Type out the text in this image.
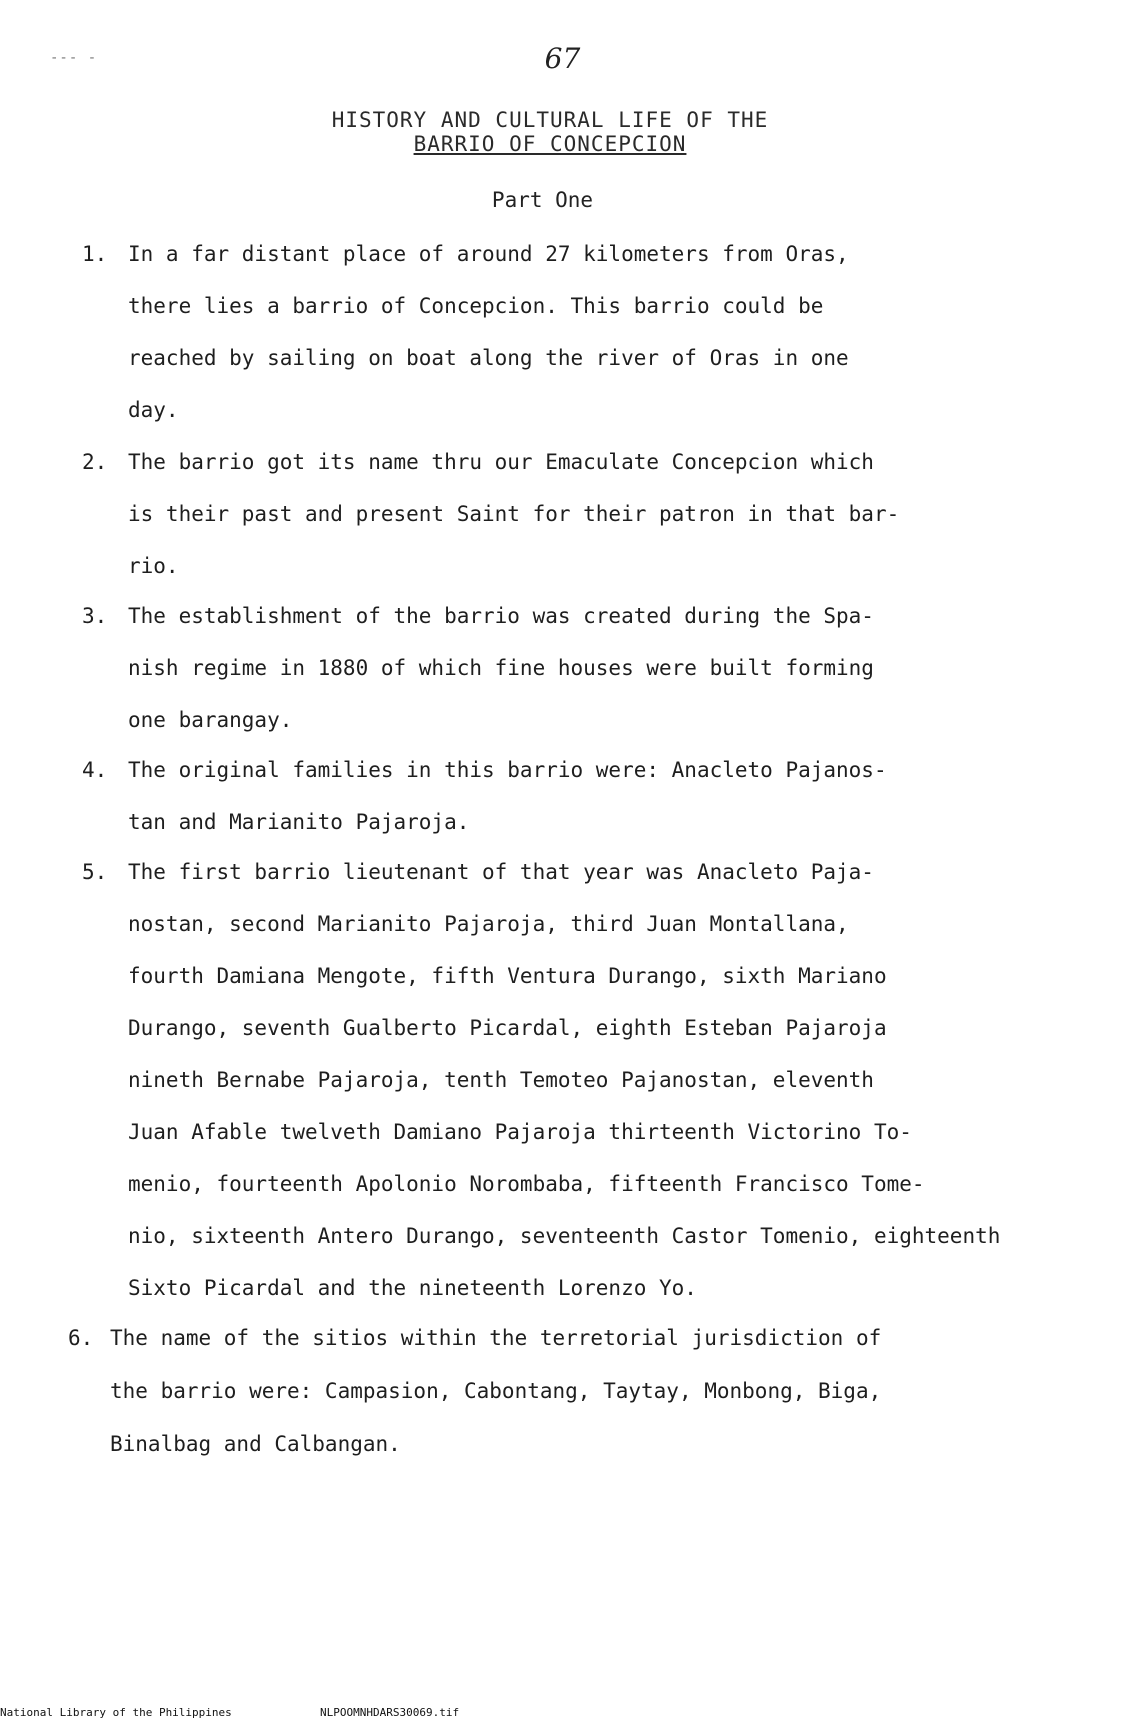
--- -	67
HISTORY AND CULTURAL LIFE OF THE
BARRIO OF CONCEPCION
Part One
1. In a far distant place of around 27 kilometers from Oras,
there lies a barrio of Concepcion. This barrio could be
reached by sailing on boat along the river of Oras in one
day.
2. The barrio got its name thru our Emaculate Concepcion which
is their past and present Saint for their patron in that bar-
rio.
3. The establishment of the barrio was created during the Spa-
nish regime in 1880 of which fine houses were built forming
one barangay.
4. The original families in this barrio were: Anacleto Pajanos-
tan and Marianito Pajaroja.
5. The first barrio lieutenant of that year was Anacleto Paja-
nostan, second Marianito Pajaroja, third Juan Montallana,
fourth Damiana Mengote, fifth Ventura Durango, sixth Mariano
Durango, seventh Gualberto Picardal, eighth Esteban Pajaroja
nineth Bernabe Pajaroja, tenth Temoteo Pajanostan, eleventh
Juan Afable twelveth Damiano Pajaroja thirteenth Victorino To-
menio, fourteenth Apolonio Norombaba, fifteenth Francisco Tome-
nio, sixteenth Antero Durango, seventeenth Castor Tomenio, eighteenth
Sixto Picardal and the nineteenth Lorenzo Yo.
6. The name of the sitios within the terretorial jurisdiction of
the barrio were: Campasion, Cabontang, Taytay, Monbong, Biga,
Binalbag and Calbangan.
National Library of the Philippines	NLPOOMNHDARS30069.tif
